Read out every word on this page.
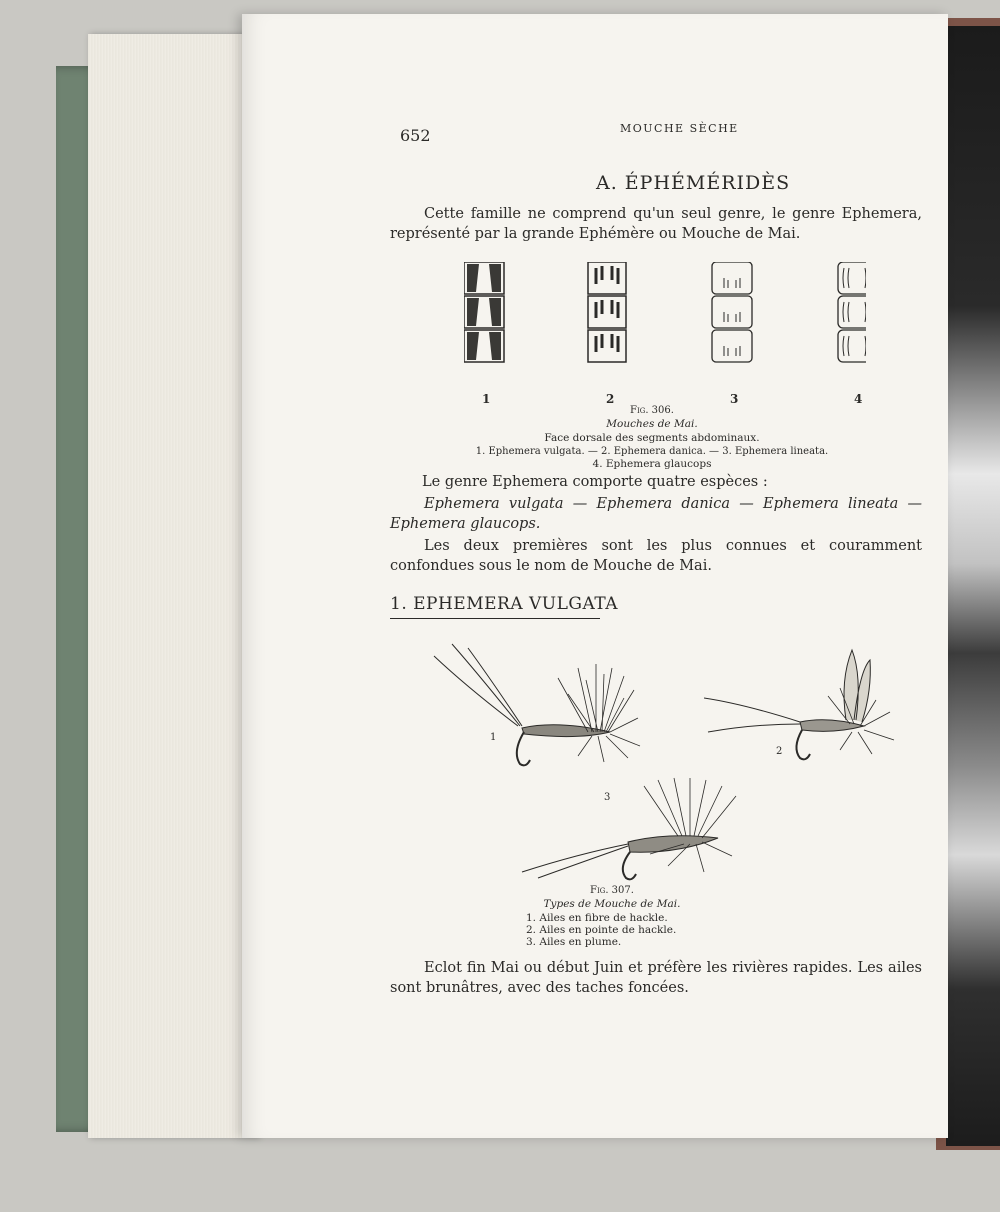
652	MOUCHE SÈCHE

A. ÉPHÉMÉRIDÈS

Cette famille ne comprend qu'un seul genre, le genre Ephemera, représenté par la grande Ephémère ou Mouche de Mai.

1	2	3	4

Fig. 306.

Mouches de Mai.

Face dorsale des segments abdominaux.

1. Ephemera vulgata. — 2. Ephemera danica. — 3. Ephemera lineata.

4. Ephemera glaucops

Le genre Ephemera comporte quatre espèces :

Ephemera vulgata — Ephemera danica — Ephemera lineata — Ephemera glaucops.

Les deux premières sont les plus connues et couramment confondues sous le nom de Mouche de Mai.

1. EPHEMERA VULGATA

1
2
3

Fig. 307.

Types de Mouche de Mai.

1. Ailes en fibre de hackle.

2. Ailes en pointe de hackle.

3. Ailes en plume.

Eclot fin Mai ou début Juin et préfère les rivières rapides. Les ailes sont brunâtres, avec des taches foncées.
